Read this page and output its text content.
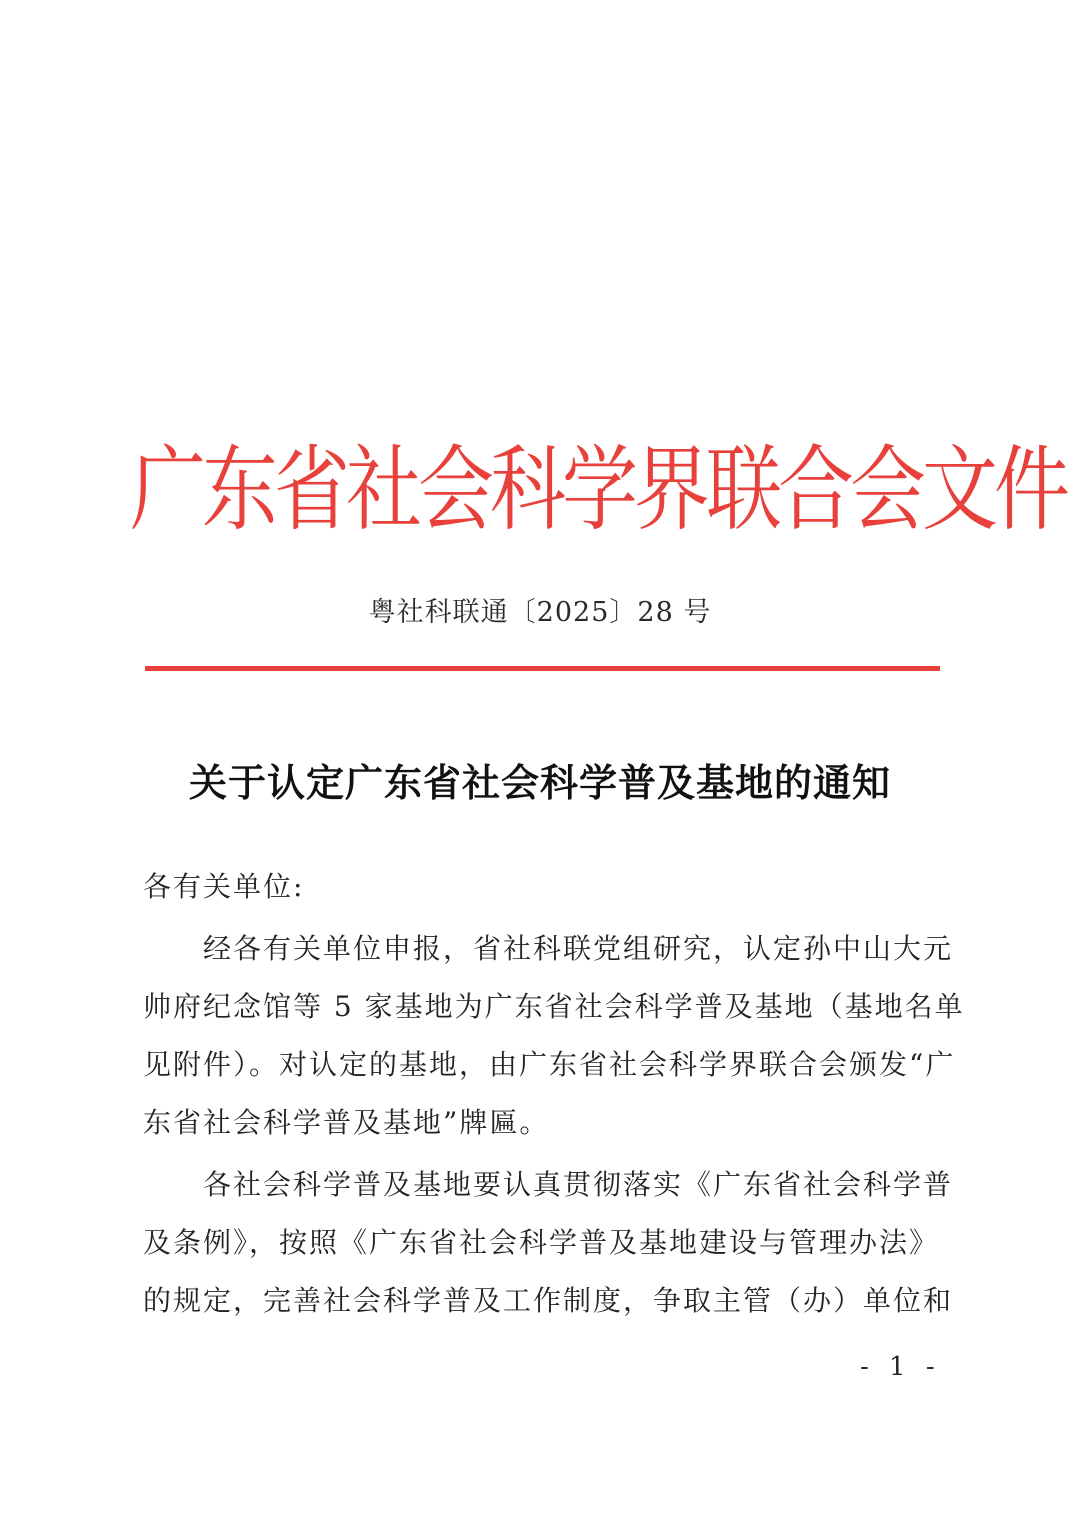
广东省社会科学界联合会文件
粤社科联通〔2025〕28 号
关于认定广东省社会科学普及基地的通知
各有关单位:
　　经各有关单位申报，省社科联党组研究，认定孙中山大元
帅府纪念馆等 5 家基地为广东省社会科学普及基地（基地名单
见附件）。对认定的基地，由广东省社会科学界联合会颁发“广
东省社会科学普及基地”牌匾。
　　各社会科学普及基地要认真贯彻落实《广东省社会科学普
及条例》，按照《广东省社会科学普及基地建设与管理办法》
的规定，完善社会科学普及工作制度，争取主管（办）单位和
- 1 -
